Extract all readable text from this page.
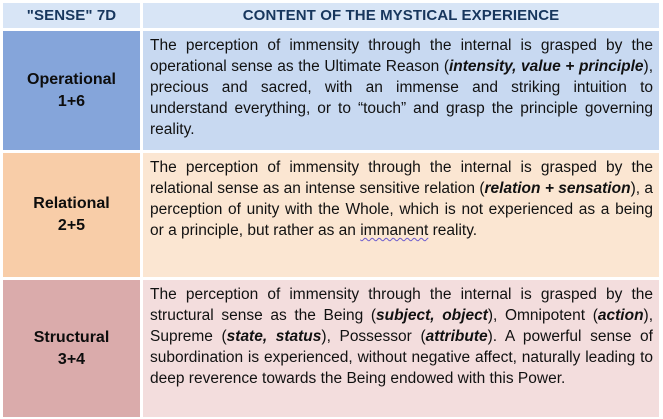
"SENSE" 7D	CONTENT OF THE MYSTICAL EXPERIENCE
Operational
1+6
The perception of immensity through the internal is grasped by the operational sense as the Ultimate Reason (intensity, value + principle), precious and sacred, with an immense and striking intuition to understand everything, or to “touch” and grasp the principle governing reality.
Relational
2+5
The perception of immensity through the internal is grasped by the relational sense as an intense sensitive relation (relation + sensation), a perception of unity with the Whole, which is not experienced as a being or a principle, but rather as an immanent reality.
Structural
3+4
The perception of immensity through the internal is grasped by the structural sense as the Being (subject, object), Omnipotent (action), Supreme (state, status), Possessor (attribute). A powerful sense of subordination is experienced, without negative affect, naturally leading to deep reverence towards the Being endowed with this Power.
